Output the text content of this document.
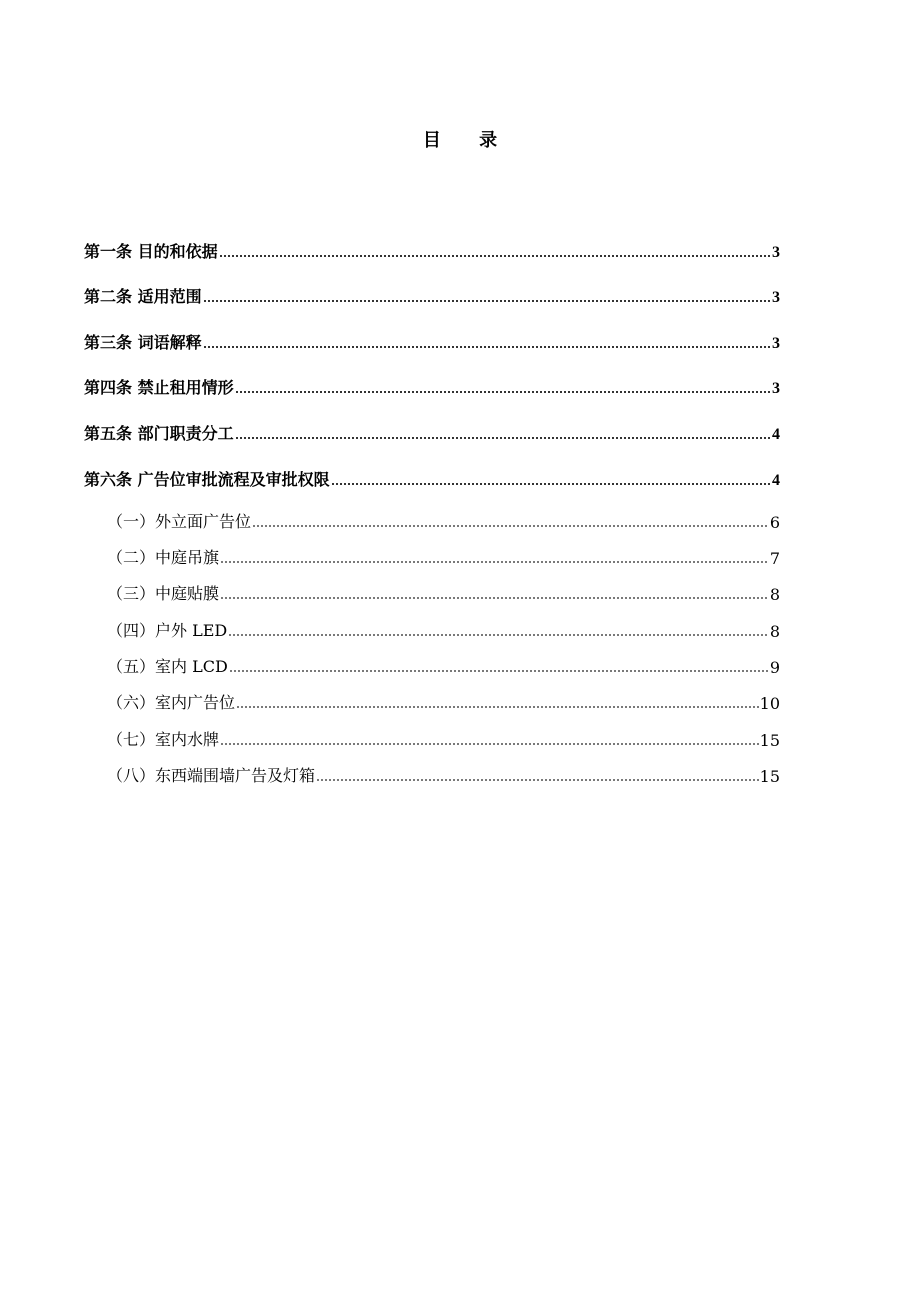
目 录
第一条 目的和依据	3
第二条 适用范围	3
第三条 词语解释	3
第四条 禁止租用情形	3
第五条 部门职责分工	4
第六条 广告位审批流程及审批权限	4
（一）外立面广告位	6
（二）中庭吊旗	7
（三）中庭贴膜	8
（四）户外 LED	8
（五）室内 LCD	9
（六）室内广告位	10
（七）室内水牌	15
（八）东西端围墙广告及灯箱	15
